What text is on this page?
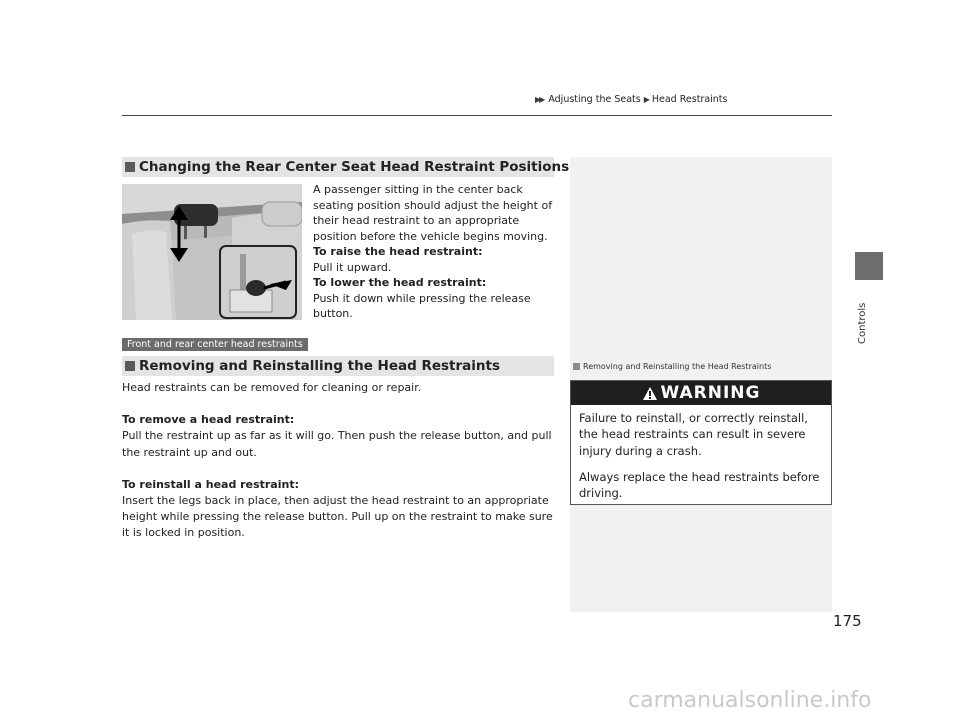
▶▶ Adjusting the Seats ▶ Head Restraints
Controls
Changing the Rear Center Seat Head Restraint Positions
Front and rear center head restraints

A passenger sitting in the center back seating position should adjust the height of their head restraint to an appropriate position before the vehicle begins moving.

To raise the head restraint:

Pull it upward.

To lower the head restraint:

Push it down while pressing the release button.

Removing and Reinstalling the Head Restraints

Head restraints can be removed for cleaning or repair.

To remove a head restraint:

Pull the restraint up as far as it will go. Then push the release button, and pull the restraint up and out.

To reinstall a head restraint:

Insert the legs back in place, then adjust the head restraint to an appropriate height while pressing the release button. Pull up on the restraint to make sure it is locked in position.

Removing and Reinstalling the Head Restraints
WARNING

Failure to reinstall, or correctly reinstall, the head restraints can result in severe injury during a crash.

Always replace the head restraints before driving.

175
carmanualsonline.info
